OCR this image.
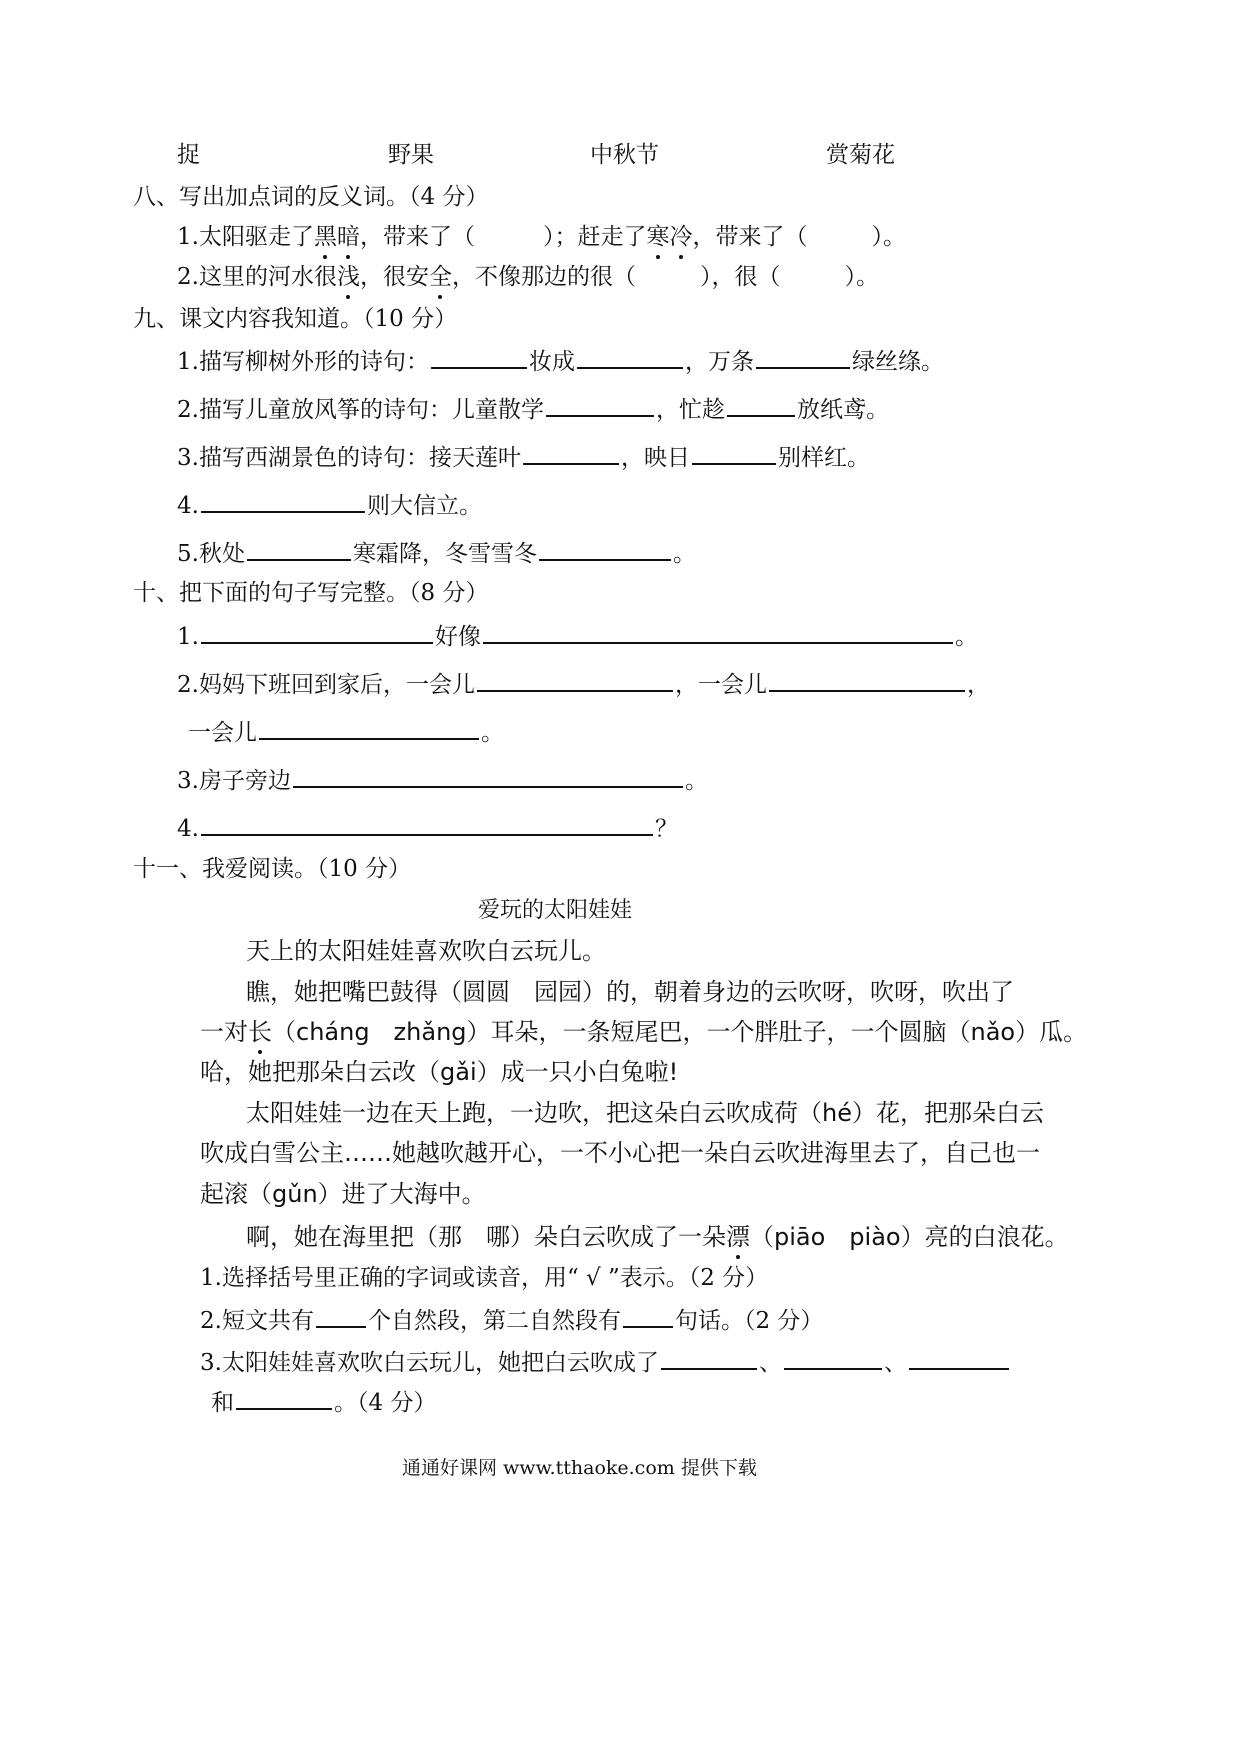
捉	野果	中秋节	赏菊花
八、写出加点词的反义词。（4 分）
1.太阳驱走了黑暗，带来了（	）；赶走了寒冷，带来了（	）。
2.这里的河水很浅，很安全，不像那边的很（	），很（	）。
九、课文内容我知道。（10 分）
1.描写柳树外形的诗句：	妆成	，万条	绿丝绦。
2.描写儿童放风筝的诗句：儿童散学	，忙趁	放纸鸢。
3.描写西湖景色的诗句：接天莲叶	，映日	别样红。
4.	则大信立。
5.秋处	寒霜降，冬雪雪冬	。
十、把下面的句子写完整。（8 分）
1.	好像	。
2.妈妈下班回到家后，一会儿	，一会儿	，
一会儿	。
3.房子旁边	。
4.	？
十一、我爱阅读。（10 分）
爱玩的太阳娃娃
天上的太阳娃娃喜欢吹白云玩儿。
瞧，她把嘴巴鼓得（圆圆　园园）的，朝着身边的云吹呀，吹呀，吹出了
一对长（cháng　zhǎng）耳朵，一条短尾巴，一个胖肚子，一个圆脑（nǎo）瓜。
哈，她把那朵白云改（gǎi）成一只小白兔啦!
太阳娃娃一边在天上跑，一边吹，把这朵白云吹成荷（hé）花，把那朵白云
吹成白雪公主……她越吹越开心，一不小心把一朵白云吹进海里去了，自己也一
起滚（gǔn）进了大海中。
啊，她在海里把（那　哪）朵白云吹成了一朵漂（piāo　piào）亮的白浪花。
1.选择括号里正确的字词或读音，用“ √ ”表示。（2 分）
2.短文共有 个自然段，第二自然段有 句话。（2 分）
3.太阳娃娃喜欢吹白云玩儿，她把白云吹成了	、	、
和	。（4 分）
通通好课网 www.tthaoke.com 提供下载
